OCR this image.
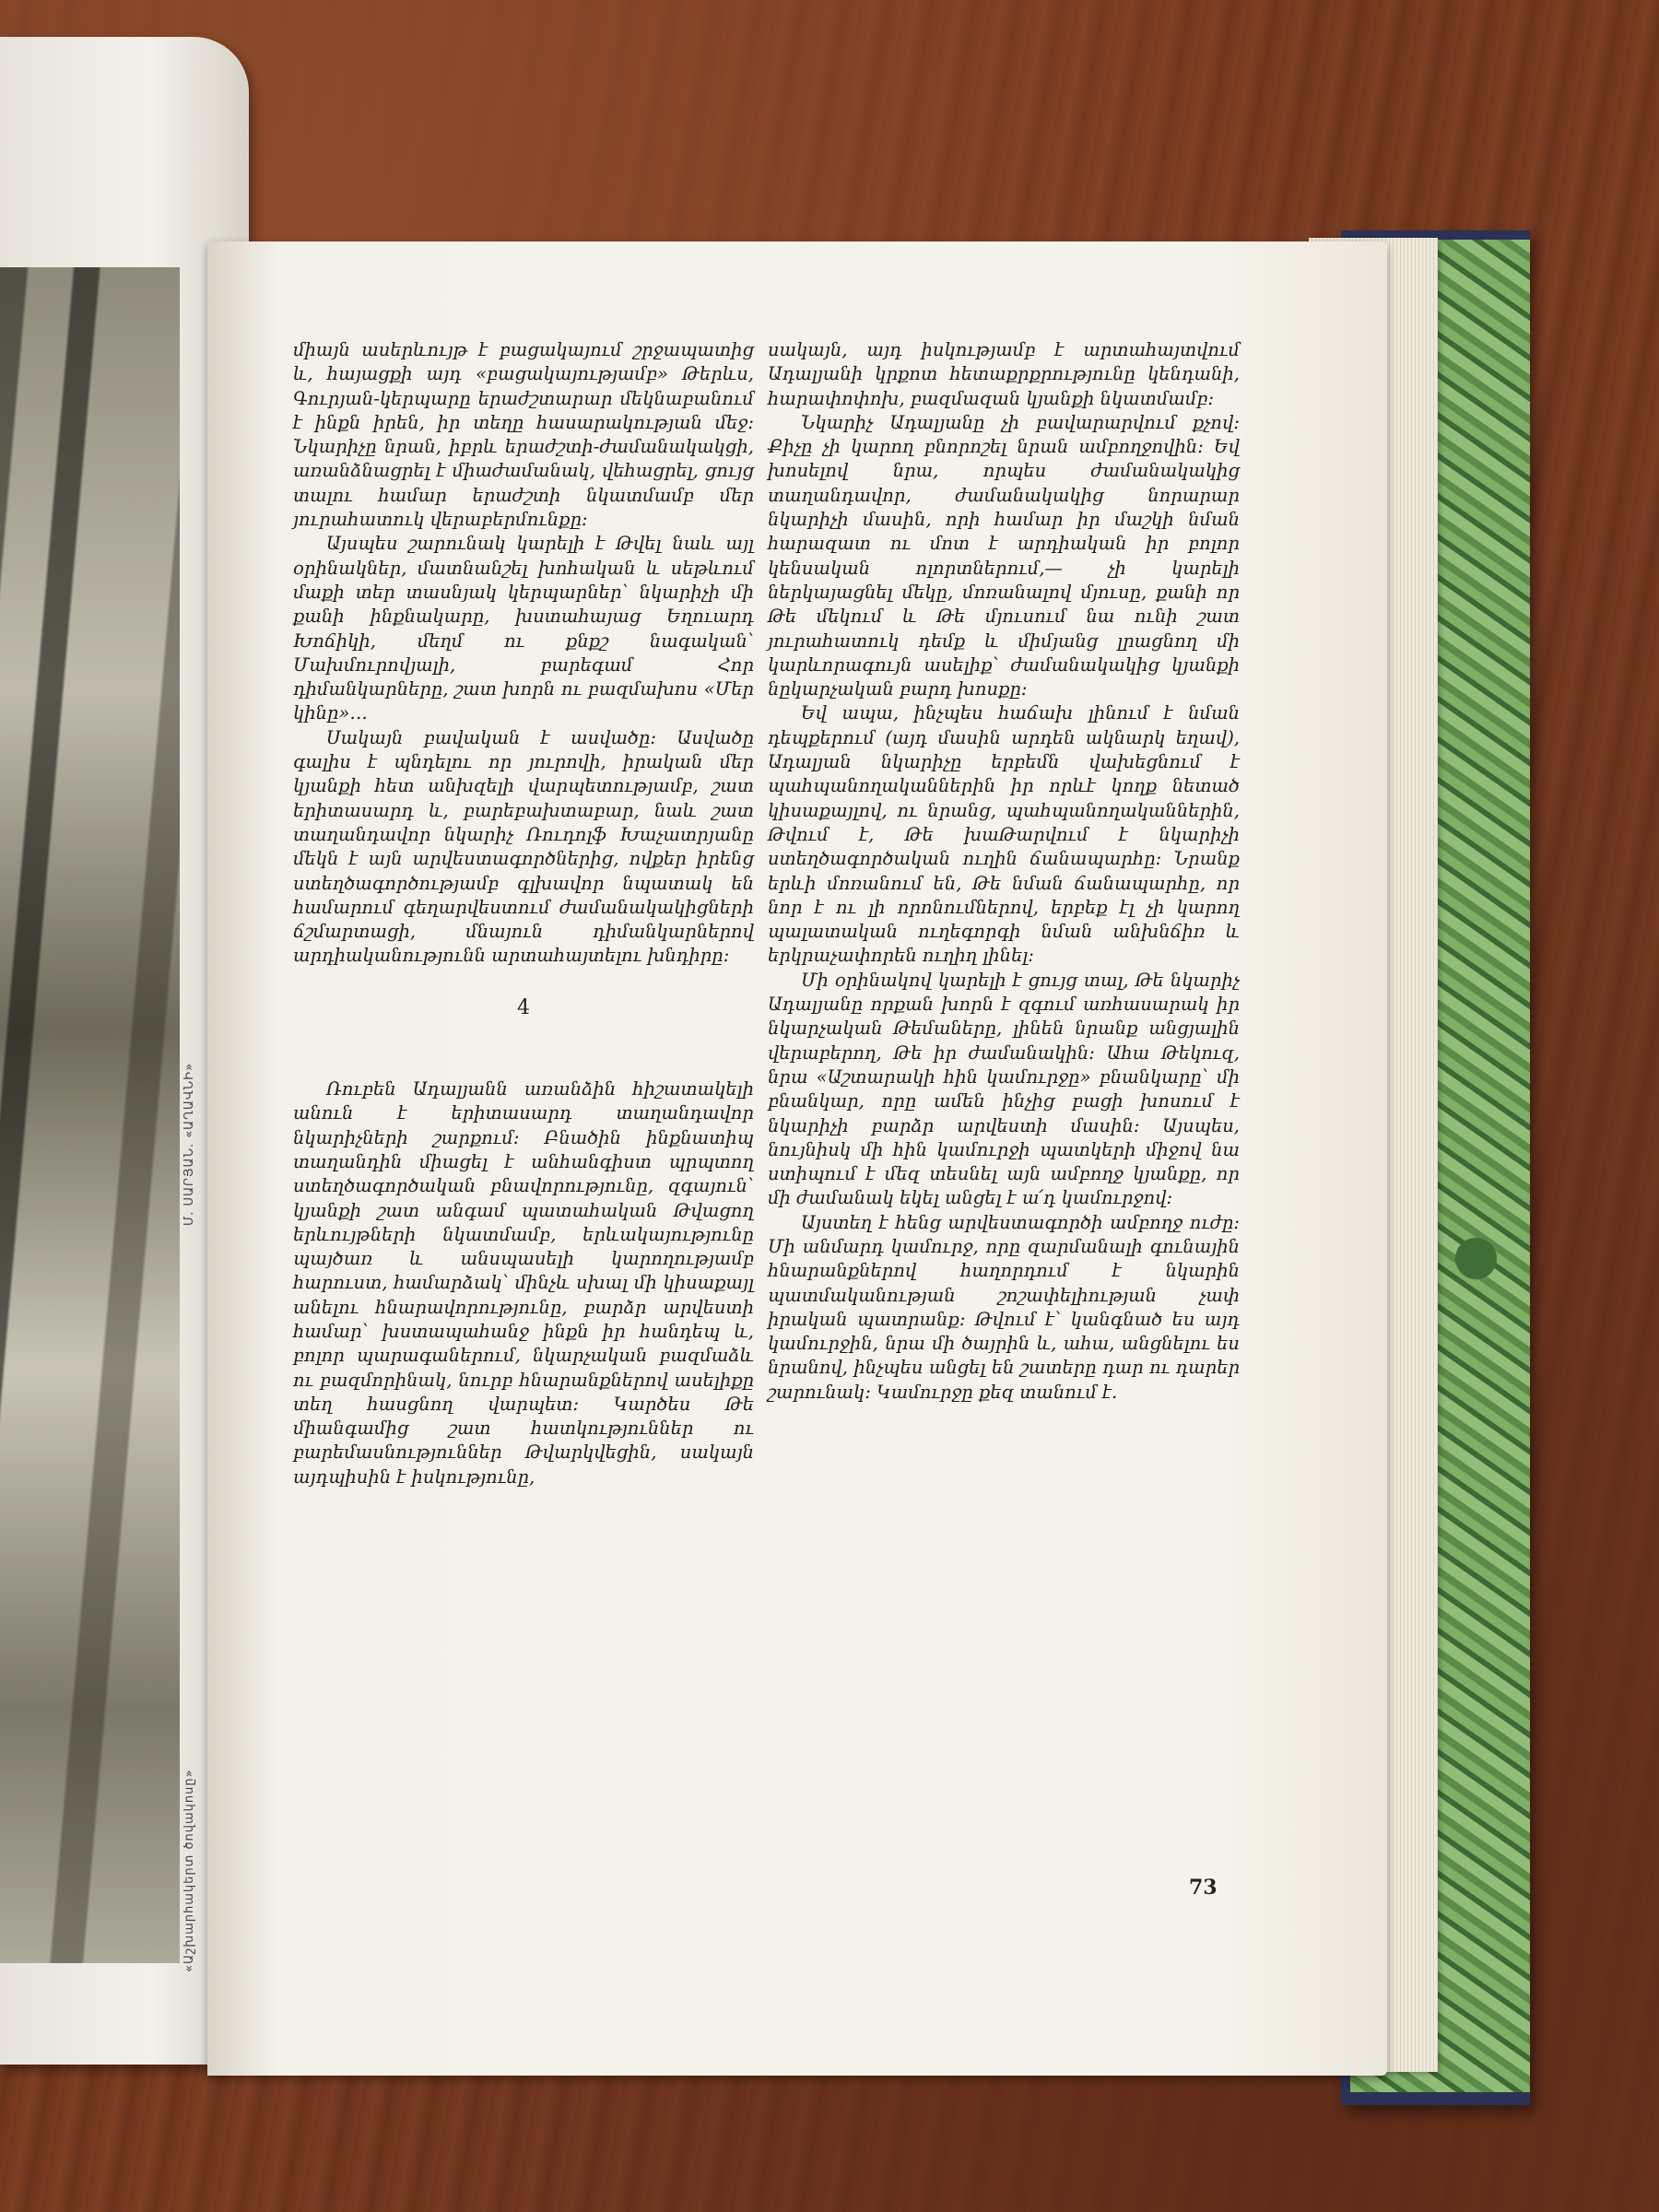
Մ. ՍԱՐՅԱՆ. «ԱՂԱՎՆԻ»
«Աշխարհակերտ ծովակոսը»

միայն ասերևույթ է բացակայում շրջապատից և, հայացքի այդ «բացակայությամբ» Թերևս, Գուրյան-կերպարը երաժշտարար մեկնաբանում է ինքն իրեն, իր տեղը հասարակության մեջ։ Նկարիչը նրան, իբրև երաժշտի-ժամանակակցի, առանձնացրել է միաժամանակ, վեհացրել, ցույց տալու համար երաժշտի նկատմամբ մեր յուրահատուկ վերաբերմունքը։

Այսպես շարունակ կարելի է Թվել նաև այլ օրինակներ, մատնանշել խոհական և սեթևում մաքի տեր տասնյակ կերպարներ՝ նկարիչի մի քանի ինքնակարը, խստահայաց Եղուարդ Խոճիկի, մեղմ ու քնքշ նագական՝ Մախմուրովյալի, բարեգամ Հոր դիմանկարները, շատ խորն ու բազմախոս «Մեր կինը»…

Սակայն բավական է ասվածը։ Ասվածը գալիս է պնդելու որ յուրովի, իրական մեր կյանքի հետ անխզելի վարպետությամբ, շատ երիտասարդ և, բարեբախտաբար, նաև շատ տաղանդավոր նկարիչ Ռուդոլֆ Խաչատրյանը մեկն է այն արվեստագործներից, ովքեր իրենց ստեղծագործությամբ գլխավոր նպատակ են համարում գեղարվեստում ժամանակակիցների ճշմարտացի, մնայուն դիմանկարներով արդիականությունն արտահայտելու խնդիրը։

4

Ռուբեն Ադալյանն առանձին հիշատակելի անուն է երիտասարդ տաղանդավոր նկարիչների շարքում։ Բնածին ինքնատիպ տաղանդին միացել է անհանգիստ պրպտող ստեղծագործական բնավորությունը, զգայուն՝ կյանքի շատ անգամ պատահական Թվացող երևույթների նկատմամբ, երևակայությունը պայծառ և անսպասելի կարողությամբ հարուստ, համարձակ՝ մինչև սխալ մի կիսաքայլ անելու հնարավորությունը, բարձր արվեստի համար՝ խստապահանջ ինքն իր հանդեպ և, բոլոր պարագաներում, նկարչական բազմաձև ու բազմորինակ, նուրբ հնարանքներով ասելիքը տեղ հասցնող վարպետ։ Կարծես Թե միանգամից շատ հատկություններ ու բարեմասնություններ Թվարկվեցին, սակայն այդպիսին է իսկությունը,

սակայն, այդ իսկությամբ է արտահայտվում Ադալյանի կրքոտ հետաքրքրությունը կենդանի, հարափոփոխ, բազմազան կյանքի նկատմամբ։

Նկարիչ Ադալյանը չի բավարարվում քչով։ Քիչը չի կարող բնորոշել նրան ամբողջովին։ Եվ խոսելով նրա, որպես ժամանակակից տաղանդավոր, ժամանակակից նորարար նկարիչի մասին, որի համար իր մաշկի նման հարազատ ու մոտ է արդիական իր բոլոր կենսական ոլորտներում,— չի կարելի ներկայացնել մեկը, մոռանալով մյուսը, քանի որ Թե մեկում և Թե մյուսում նա ունի շատ յուրահատուկ դեմք և միմյանց լրացնող մի կարևորագույն ասելիք՝ ժամանակակից կյանքի նըկարչական բարդ խոսքը։

Եվ ապա, ինչպես հաճախ լինում է նման դեպքերում (այդ մասին արդեն ակնարկ եղավ), Ադալյան նկարիչը երբեմն վախեցնում է պահպանողականներին իր որևէ կողք նետած կիսաքայլով, ու նրանց, պահպանողականներին, Թվում է, Թե խաԹարվում է նկարիչի ստեղծագործական ուղին ճանապարհը։ Նրանք երևի մոռանում են, Թե նման ճանապարհը, որ նոր է ու լի որոնումներով, երբեք էլ չի կարող պալատական ուղեգորգի նման անխնճիռ և երկրաչափորեն ուղիղ լինել։

Մի օրինակով կարելի է ցույց տալ, Թե նկարիչ Ադալյանը որքան խորն է զգում առհասարակ իր նկարչական Թեմաները, լինեն նրանք անցյալին վերաբերող, Թե իր ժամանակին։ Ահա Թեկուզ, նրա «Աշտարակի հին կամուրջը» բնանկարը՝ մի բնանկար, որը ամեն ինչից բացի խոսում է նկարիչի բարձր արվեստի մասին։ Այսպես, նույնիսկ մի հին կամուրջի պատկերի միջով նա ստիպում է մեզ տեսնել այն ամբողջ կյանքը, որ մի ժամանակ եկել անցել է ա՛դ կամուրջով։

Այստեղ է հենց արվեստագործի ամբողջ ուժը։ Մի անմարդ կամուրջ, որը զարմանալի գունային հնարանքներով հաղորդում է նկարին պատմականության շոշափելիության չափ իրական պատրանք։ Թվում է՝ կանգնած ես այդ կամուրջին, նրա մի ծայրին և, ահա, անցնելու ես նրանով, ինչպես անցել են շատերը դար ու դարեր շարունակ։ Կամուրջը քեզ տանում է.

73
